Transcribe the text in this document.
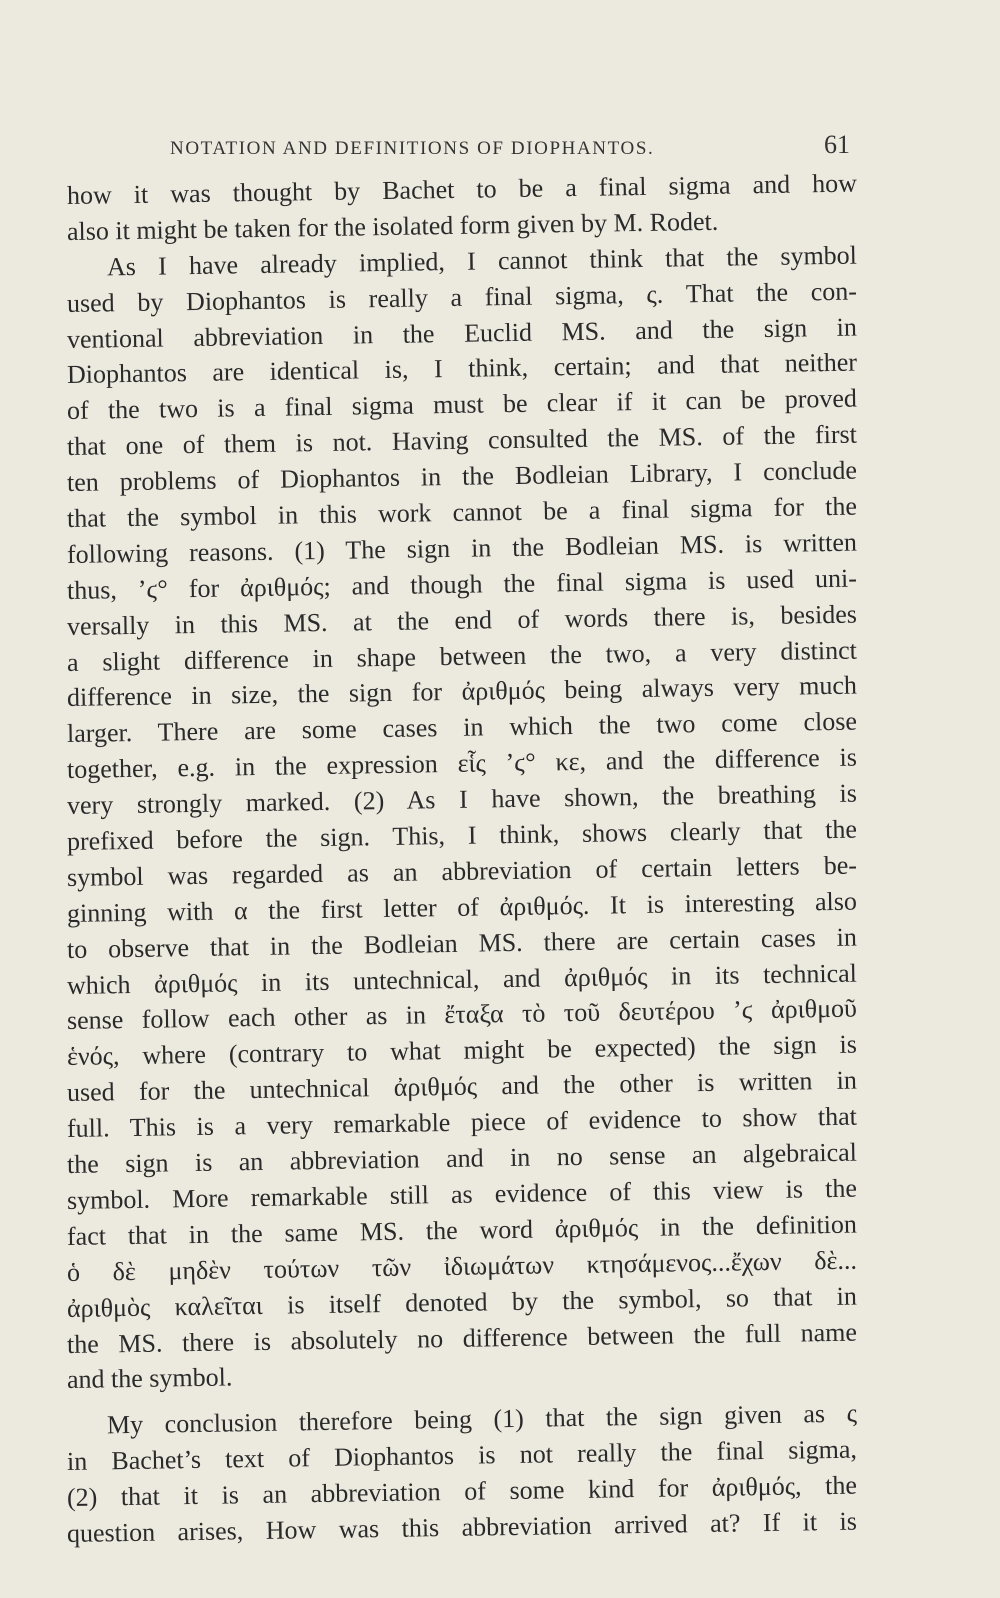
NOTATION AND DEFINITIONS OF DIOPHANTOS.	61
how it was thought by Bachet to be a final sigma and how
also it might be taken for the isolated form given by M. Rodet.
As I have already implied, I cannot think that the symbol
used by Diophantos is really a final sigma, ς. That the con-
ventional abbreviation in the Euclid MS. and the sign in
Diophantos are identical is, I think, certain; and that neither
of the two is a final sigma must be clear if it can be proved
that one of them is not. Having consulted the MS. of the first
ten problems of Diophantos in the Bodleian Library, I conclude
that the symbol in this work cannot be a final sigma for the
following reasons. (1) The sign in the Bodleian MS. is written
thus, ’ϛ° for ἀριθμός; and though the final sigma is used uni-
versally in this MS. at the end of words there is, besides
a slight difference in shape between the two, a very distinct
difference in size, the sign for ἀριθμός being always very much
larger. There are some cases in which the two come close
together, e.g. in the expression εἷς ’ϛ° κε, and the difference is
very strongly marked. (2) As I have shown, the breathing is
prefixed before the sign. This, I think, shows clearly that the
symbol was regarded as an abbreviation of certain letters be-
ginning with α the first letter of ἀριθμός. It is interesting also
to observe that in the Bodleian MS. there are certain cases in
which ἀριθμός in its untechnical, and ἀριθμός in its technical
sense follow each other as in ἔταξα τὸ τοῦ δευτέρου ’ϛ ἀριθμοῦ
ἑνός, where (contrary to what might be expected) the sign is
used for the untechnical ἀριθμός and the other is written in
full. This is a very remarkable piece of evidence to show that
the sign is an abbreviation and in no sense an algebraical
symbol. More remarkable still as evidence of this view is the
fact that in the same MS. the word ἀριθμός in the definition
ὁ δὲ μηδὲν τούτων τῶν ἰδιωμάτων κτησάμενος...ἔχων δὲ...
ἀριθμὸς καλεῖται is itself denoted by the symbol, so that in
the MS. there is absolutely no difference between the full name
and the symbol.
My conclusion therefore being (1) that the sign given as ς
in Bachet’s text of Diophantos is not really the final sigma,
(2) that it is an abbreviation of some kind for ἀριθμός, the
question arises, How was this abbreviation arrived at? If it is
